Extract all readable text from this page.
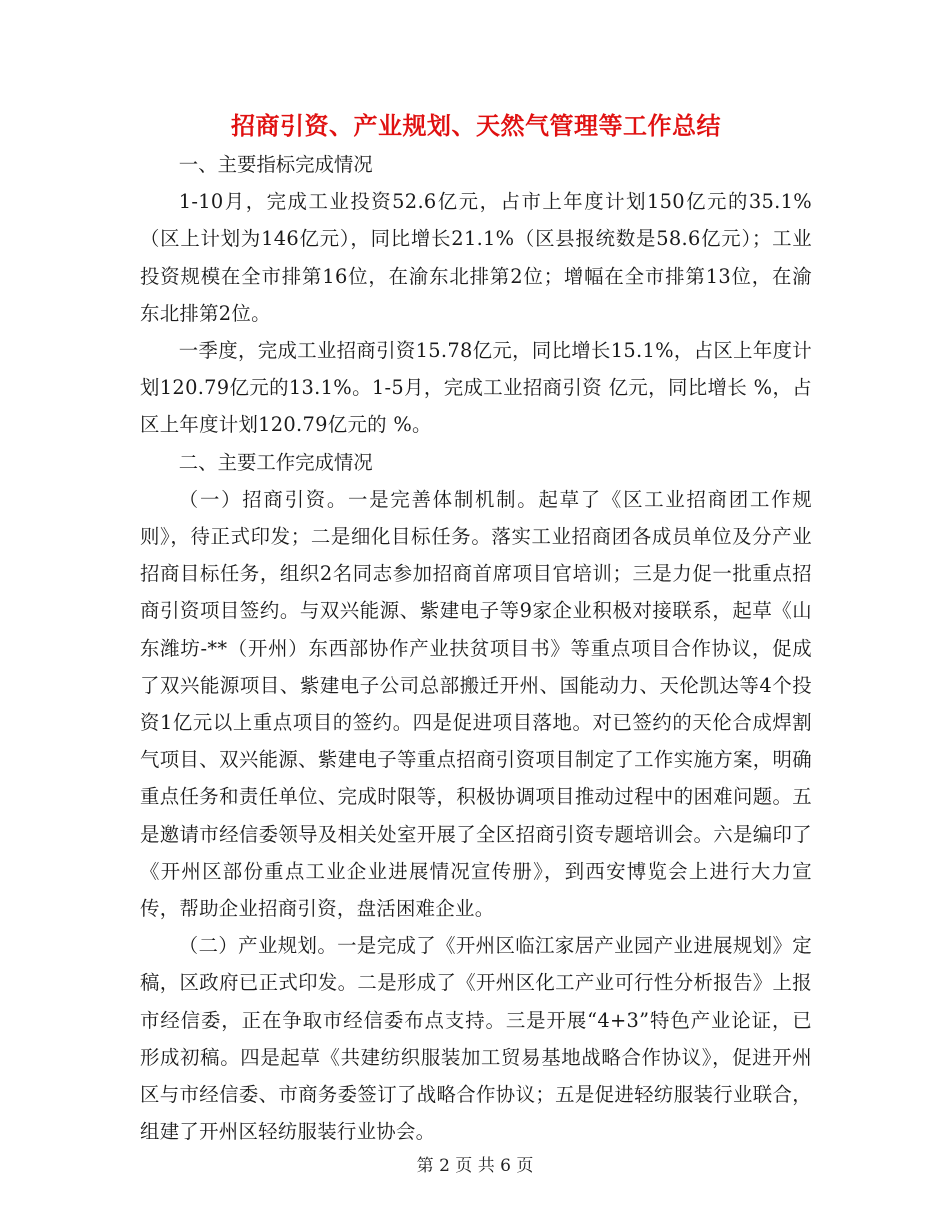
招商引资、产业规划、天然气管理等工作总结

一、主要指标完成情况

1-10月，完成工业投资52.6亿元，占市上年度计划150亿元的35.1%（区上计划为146亿元），同比增长21.1%（区县报统数是58.6亿元）；工业投资规模在全市排第16位，在渝东北排第2位；增幅在全市排第13位，在渝东北排第2位。

一季度，完成工业招商引资15.78亿元，同比增长15.1%，占区上年度计划120.79亿元的13.1%。1-5月，完成工业招商引资 亿元，同比增长 %，占区上年度计划120.79亿元的 %。

二、主要工作完成情况

（一）招商引资。一是完善体制机制。起草了《区工业招商团工作规则》，待正式印发；二是细化目标任务。落实工业招商团各成员单位及分产业招商目标任务，组织2名同志参加招商首席项目官培训；三是力促一批重点招商引资项目签约。与双兴能源、紫建电子等9家企业积极对接联系，起草《山东潍坊-**（开州）东西部协作产业扶贫项目书》等重点项目合作协议，促成了双兴能源项目、紫建电子公司总部搬迁开州、国能动力、天伦凯达等4个投资1亿元以上重点项目的签约。四是促进项目落地。对已签约的天伦合成焊割气项目、双兴能源、紫建电子等重点招商引资项目制定了工作实施方案，明确重点任务和责任单位、完成时限等，积极协调项目推动过程中的困难问题。五是邀请市经信委领导及相关处室开展了全区招商引资专题培训会。六是编印了《开州区部份重点工业企业进展情况宣传册》，到西安博览会上进行大力宣传，帮助企业招商引资，盘活困难企业。

（二）产业规划。一是完成了《开州区临江家居产业园产业进展规划》定稿，区政府已正式印发。二是形成了《开州区化工产业可行性分析报告》上报市经信委，正在争取市经信委布点支持。三是开展“4+3”特色产业论证，已形成初稿。四是起草《共建纺织服装加工贸易基地战略合作协议》，促进开州区与市经信委、市商务委签订了战略合作协议；五是促进轻纺服装行业联合，组建了开州区轻纺服装行业协会。

第 2 页 共 6 页
